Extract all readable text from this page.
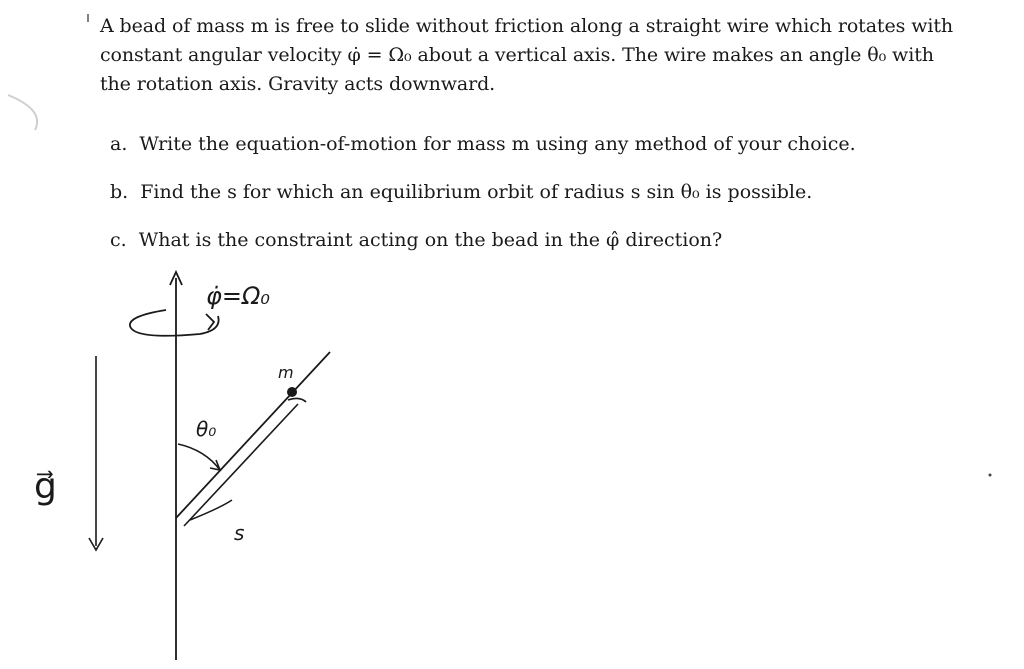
A bead of mass m is free to slide without friction along a straight wire which rotates with
constant angular velocity φ̇ = Ω₀ about a vertical axis. The wire makes an angle θ₀ with
the rotation axis. Gravity acts downward.
a. Write the equation-of-motion for mass m using any method of your choice.
b. Find the s for which an equilibrium orbit of radius s sin θ₀ is possible.
c. What is the constraint acting on the bead in the φ̂ direction?
φ̇=Ω₀
m
θ₀
s
g⃗
